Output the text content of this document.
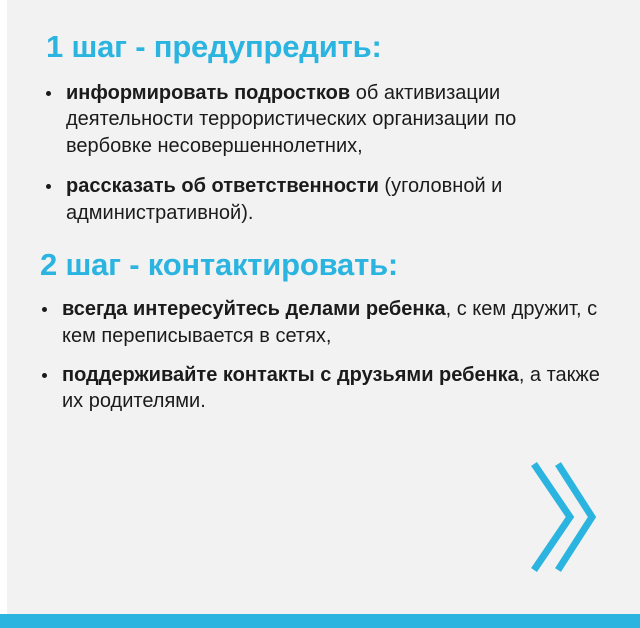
1 шаг - предупредить:
информировать подростков об активизации деятельности террористических организации по вербовке несовершеннолетних,
рассказать об ответственности (уголовной и административной).
2 шаг - контактировать:
всегда интересуйтесь делами ребенка, с кем дружит, с кем переписывается в сетях,
поддерживайте контакты с друзьями ребенка, а также их родителями.
